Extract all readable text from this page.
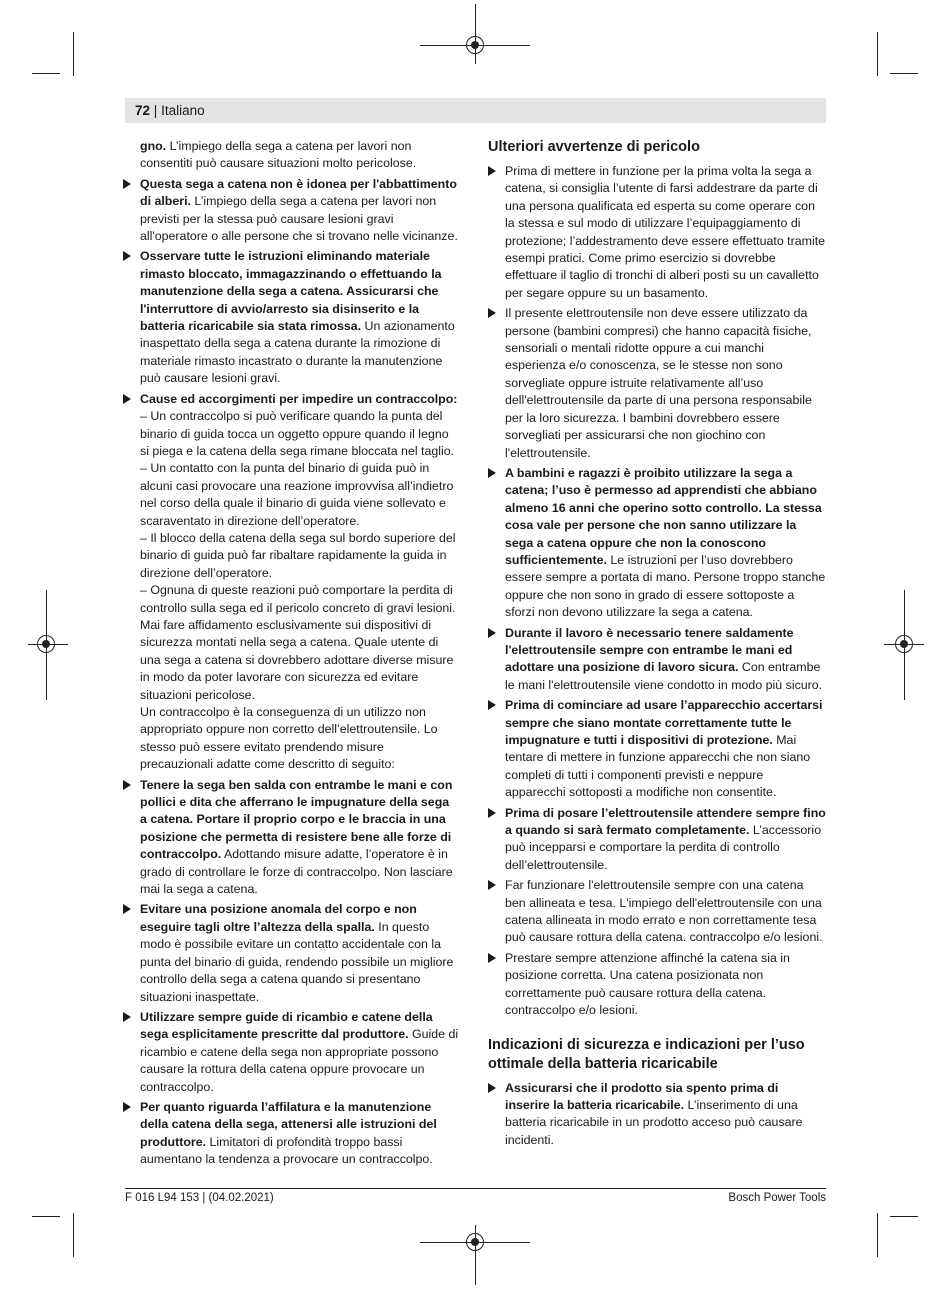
72 | Italiano

gno. L’impiego della sega a catena per lavori non consentiti può causare situazioni molto pericolose.

Questa sega a catena non è idonea per l'abbattimento di alberi. L’impiego della sega a catena per lavori non previsti per la stessa può causare lesioni gravi all'operatore o alle persone che si trovano nelle vicinanze.

Osservare tutte le istruzioni eliminando materiale rimasto bloccato, immagazzinando o effettuando la manutenzione della sega a catena. Assicurarsi che l'interruttore di avvio/arresto sia disinserito e la batteria ricaricabile sia stata rimossa. Un azionamento inaspettato della sega a catena durante la rimozione di materiale rimasto incastrato o durante la manutenzione può causare lesioni gravi.

Cause ed accorgimenti per impedire un contraccolpo:
– Un contraccolpo si può verificare quando la punta del binario di guida tocca un oggetto oppure quando il legno si piega e la catena della sega rimane bloccata nel taglio.
– Un contatto con la punta del binario di guida può in alcuni casi provocare una reazione improvvisa all’indietro nel corso della quale il binario di guida viene sollevato e scaraventato in direzione dell’operatore.
– Il blocco della catena della sega sul bordo superiore del binario di guida può far ribaltare rapidamente la guida in direzione dell’operatore.
– Ognuna di queste reazioni può comportare la perdita di controllo sulla sega ed il pericolo concreto di gravi lesioni. Mai fare affidamento esclusivamente sui dispositivi di sicurezza montati nella sega a catena. Quale utente di una sega a catena si dovrebbero adottare diverse misure in modo da poter lavorare con sicurezza ed evitare situazioni pericolose.
Un contraccolpo è la conseguenza di un utilizzo non appropriato oppure non corretto dell’elettroutensile. Lo stesso può essere evitato prendendo misure precauzionali adatte come descritto di seguito:

Tenere la sega ben salda con entrambe le mani e con pollici e dita che afferrano le impugnature della sega a catena. Portare il proprio corpo e le braccia in una posizione che permetta di resistere bene alle forze di contraccolpo. Adottando misure adatte, l’operatore è in grado di controllare le forze di contraccolpo. Non lasciare mai la sega a catena.

Evitare una posizione anomala del corpo e non eseguire tagli oltre l’altezza della spalla. In questo modo è possibile evitare un contatto accidentale con la punta del binario di guida, rendendo possibile un migliore controllo della sega a catena quando si presentano situazioni inaspettate.

Utilizzare sempre guide di ricambio e catene della sega esplicitamente prescritte dal produttore. Guide di ricambio e catene della sega non appropriate possono causare la rottura della catena oppure provocare un contraccolpo.

Per quanto riguarda l’affilatura e la manutenzione della catena della sega, attenersi alle istruzioni del produttore. Limitatori di profondità troppo bassi aumentano la tendenza a provocare un contraccolpo.

Ulteriori avvertenze di pericolo

Prima di mettere in funzione per la prima volta la sega a catena, si consiglia l’utente di farsi addestrare da parte di una persona qualificata ed esperta su come operare con la stessa e sul modo di utilizzare l’equipaggiamento di protezione; l’addestramento deve essere effettuato tramite esempi pratici. Come primo esercizio si dovrebbe effettuare il taglio di tronchi di alberi posti su un cavalletto per segare oppure su un basamento.

Il presente elettroutensile non deve essere utilizzato da persone (bambini compresi) che hanno capacità fisiche, sensoriali o mentali ridotte oppure a cui manchi esperienza e/o conoscenza, se le stesse non sono sorvegliate oppure istruite relativamente all’uso dell'elettroutensile da parte di una persona responsabile per la loro sicurezza. I bambini dovrebbero essere sorvegliati per assicurarsi che non giochino con l'elettroutensile.

A bambini e ragazzi è proibito utilizzare la sega a catena; l’uso è permesso ad apprendisti che abbiano almeno 16 anni che operino sotto controllo. La stessa cosa vale per persone che non sanno utilizzare la sega a catena oppure che non la conoscono sufficientemente. Le istruzioni per l’uso dovrebbero essere sempre a portata di mano. Persone troppo stanche oppure che non sono in grado di essere sottoposte a sforzi non devono utilizzare la sega a catena.

Durante il lavoro è necessario tenere saldamente l'elettroutensile sempre con entrambe le mani ed adottare una posizione di lavoro sicura. Con entrambe le mani l'elettroutensile viene condotto in modo più sicuro.

Prima di cominciare ad usare l’apparecchio accertarsi sempre che siano montate correttamente tutte le impugnature e tutti i dispositivi di protezione. Mai tentare di mettere in funzione apparecchi che non siano completi di tutti i componenti previsti e neppure apparecchi sottoposti a modifiche non consentite.

Prima di posare l’elettroutensile attendere sempre fino a quando si sarà fermato completamente. L’accessorio può incepparsi e comportare la perdita di controllo dell’elettroutensile.

Far funzionare l'elettroutensile sempre con una catena ben allineata e tesa. L'impiego dell'elettroutensile con una catena allineata in modo errato e non correttamente tesa può causare rottura della catena. contraccolpo e/o lesioni.

Prestare sempre attenzione affinché la catena sia in posizione corretta. Una catena posizionata non correttamente può causare rottura della catena. contraccolpo e/o lesioni.

Indicazioni di sicurezza e indicazioni per l’uso ottimale della batteria ricaricabile

Assicurarsi che il prodotto sia spento prima di inserire la batteria ricaricabile. L’inserimento di una batteria ricaricabile in un prodotto acceso può causare incidenti.

F 016 L94 153 | (04.02.2021)	Bosch Power Tools
